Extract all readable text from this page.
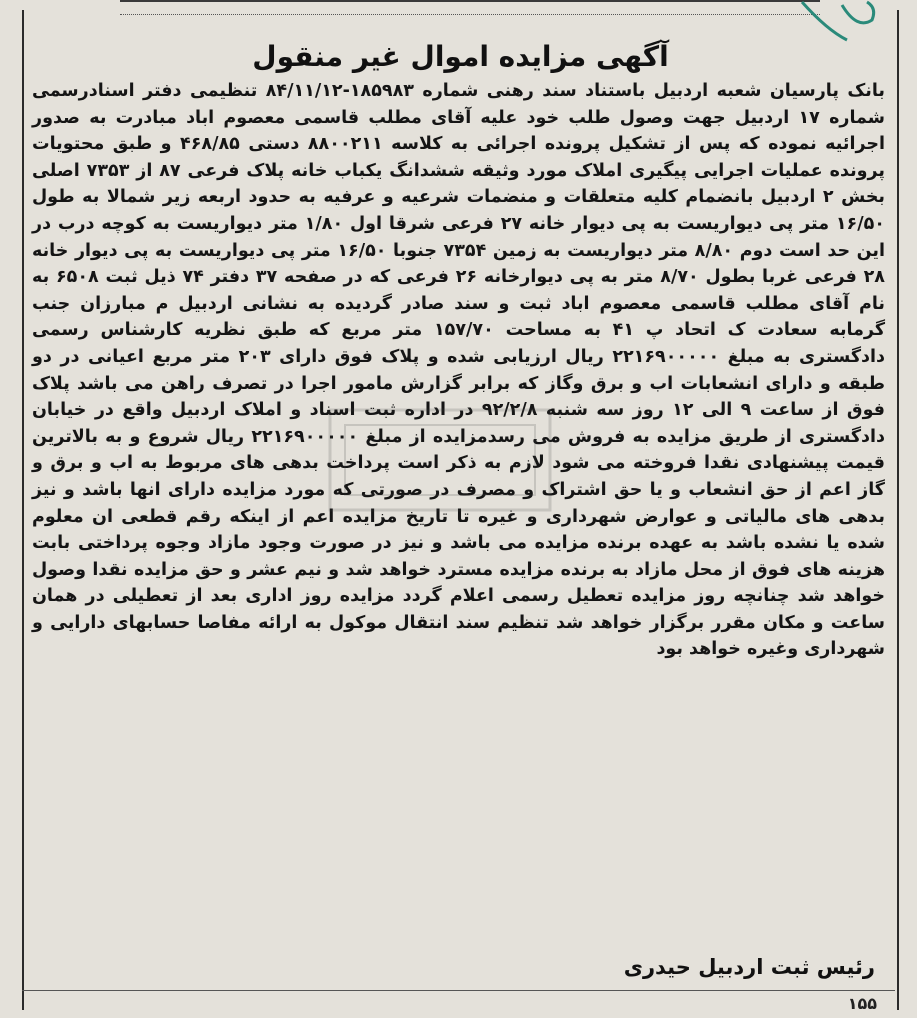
آگهی مزایده اموال غیر منقول
بانک پارسیان شعبه اردبیل باستناد سند رهنی شماره ۱۸۵۹۸۳-۸۴/۱۱/۱۲ تنظیمی دفتر اسنادرسمی شماره ۱۷ اردبیل جهت وصول طلب خود علیه آقای مطلب قاسمی معصوم اباد مبادرت به صدور اجرائیه نموده که پس از تشکیل پرونده اجرائی به کلاسه ۸۸۰۰۲۱۱ دستی ۴۶۸/۸۵ و طبق محتویات پرونده عملیات اجرایی پیگیری املاک مورد وثیقه ششدانگ یکباب خانه پلاک فرعی ۸۷ از ۷۳۵۳ اصلی بخش ۲ اردبیل بانضمام کلیه متعلقات و منضمات شرعیه و عرفیه به حدود اربعه زیر شمالا به طول ۱۶/۵۰ متر پی دیواریست به پی دیوار خانه ۲۷ فرعی شرقا اول ۱/۸۰ متر دیواریست به کوچه درب در این حد است دوم ۸/۸۰ متر دیواریست به زمین ۷۳۵۴ جنوبا ۱۶/۵۰ متر پی دیواریست به پی دیوار خانه ۲۸ فرعی غربا بطول ۸/۷۰ متر به پی دیوارخانه ۲۶ فرعی که در صفحه ۳۷ دفتر ۷۴ ذیل ثبت ۶۵۰۸ به نام آقای مطلب قاسمی معصوم اباد ثبت و سند صادر گردیده به نشانی اردبیل م مبارزان جنب گرمابه سعادت ک اتحاد پ ۴۱ به مساحت ۱۵۷/۷۰ متر مربع که طبق نظریه کارشناس رسمی دادگستری به مبلغ ۲۲۱۶۹۰۰۰۰۰ ریال ارزیابی شده و پلاک فوق دارای ۲۰۳ متر مربع اعیانی در دو طبقه و دارای انشعابات اب و برق وگاز که برابر گزارش مامور اجرا در تصرف راهن می باشد پلاک فوق از ساعت ۹ الی ۱۲ روز سه شنبه ۹۲/۲/۸ در اداره ثبت اسناد و املاک اردبیل واقع در خیابان دادگستری از طریق مزایده به فروش می رسدمزایده از مبلغ ۲۲۱۶۹۰۰۰۰۰ ریال شروع و به بالاترین قیمت پیشنهادی نقدا فروخته می شود لازم به ذکر است پرداخت بدهی های مربوط به اب و برق و گاز اعم از حق انشعاب و یا حق اشتراک و مصرف در صورتی که مورد مزایده دارای انها باشد و نیز بدهی های مالیاتی و عوارض شهرداری و غیره تا تاریخ مزایده اعم از اینکه رقم قطعی ان معلوم شده یا نشده باشد به عهده برنده مزایده می باشد و نیز در صورت وجود مازاد وجوه پرداختی بابت هزینه های فوق از محل مازاد به برنده مزایده مسترد خواهد شد و نیم عشر و حق مزایده نقدا وصول خواهد شد چنانچه روز مزایده تعطیل رسمی اعلام گردد مزایده روز اداری بعد از تعطیلی در همان ساعت و مکان مقرر برگزار خواهد شد تنظیم سند انتقال موکول به ارائه مفاصا حسابهای دارایی و شهرداری وغیره خواهد بود
رئیس ثبت اردبیل حیدری
۱۵۵
